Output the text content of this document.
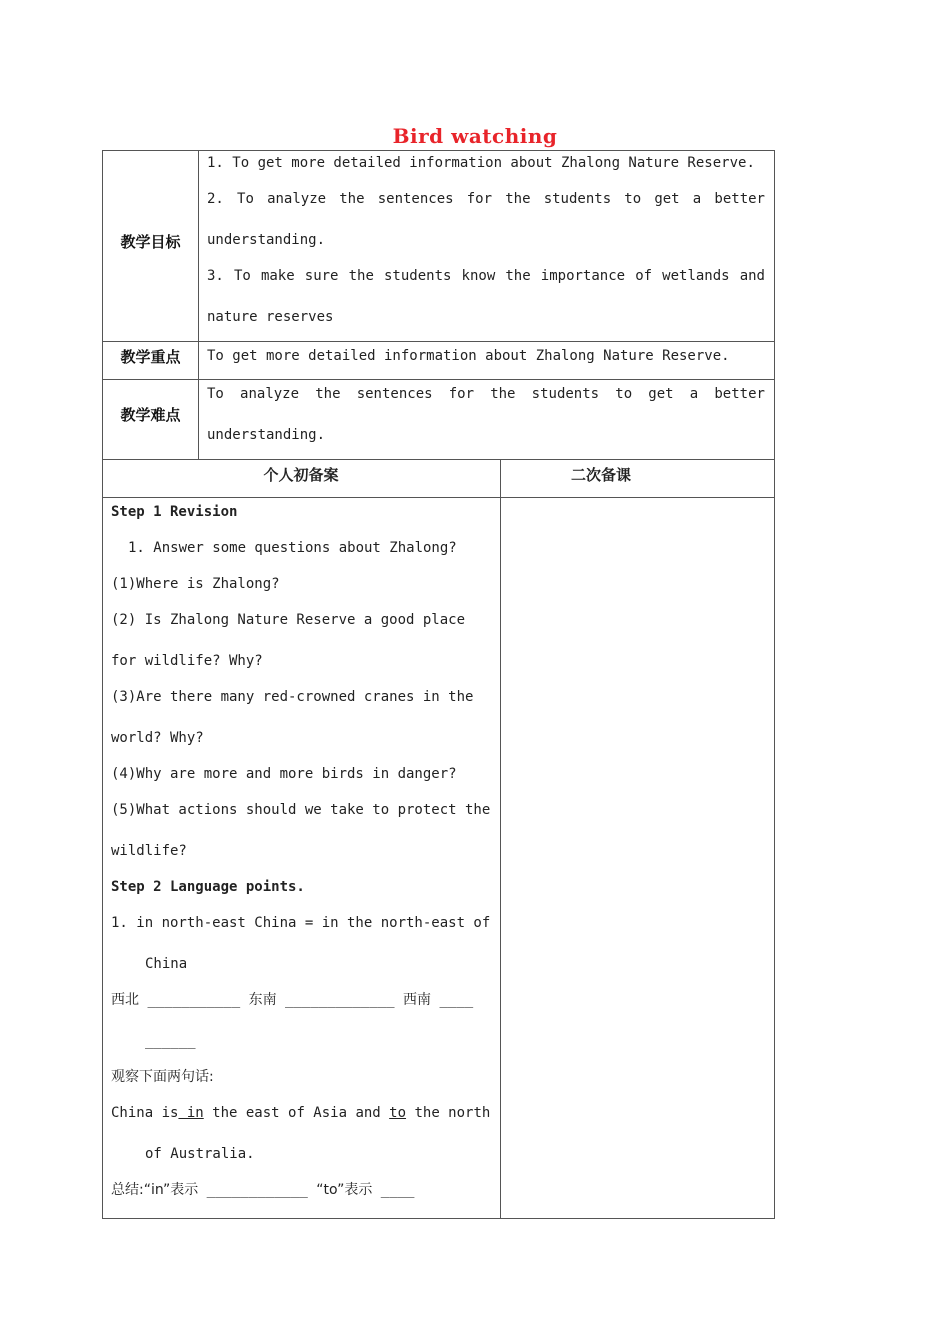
Bird watching
教学目标
1. To get more detailed information about Zhalong Nature Reserve.
2. To analyze the sentences for the students to get a better
understanding.
3. To make sure the students know the importance of wetlands and
nature reserves
教学重点	To get more detailed information about Zhalong Nature Reserve.
教学难点
To analyze the sentences for the students to get a better
understanding.
个人初备案	二次备课
Step 1 Revision
1. Answer some questions about Zhalong?
(1)Where is Zhalong?
(2) Is Zhalong Nature Reserve a good place
for wildlife? Why?
(3)Are there many red-crowned cranes in the
world? Why?
(4)Why are more and more birds in danger?
(5)What actions should we take to protect the
wildlife?
Step 2 Language points.
1. in north-east China = in the north-east of
China
西北 ___________ 东南 _____________ 西南 ____
______
观察下面两句话:
China is in the east of Asia and to the north
of Australia.
总结:“in”表示 ____________ “to”表示 ____
